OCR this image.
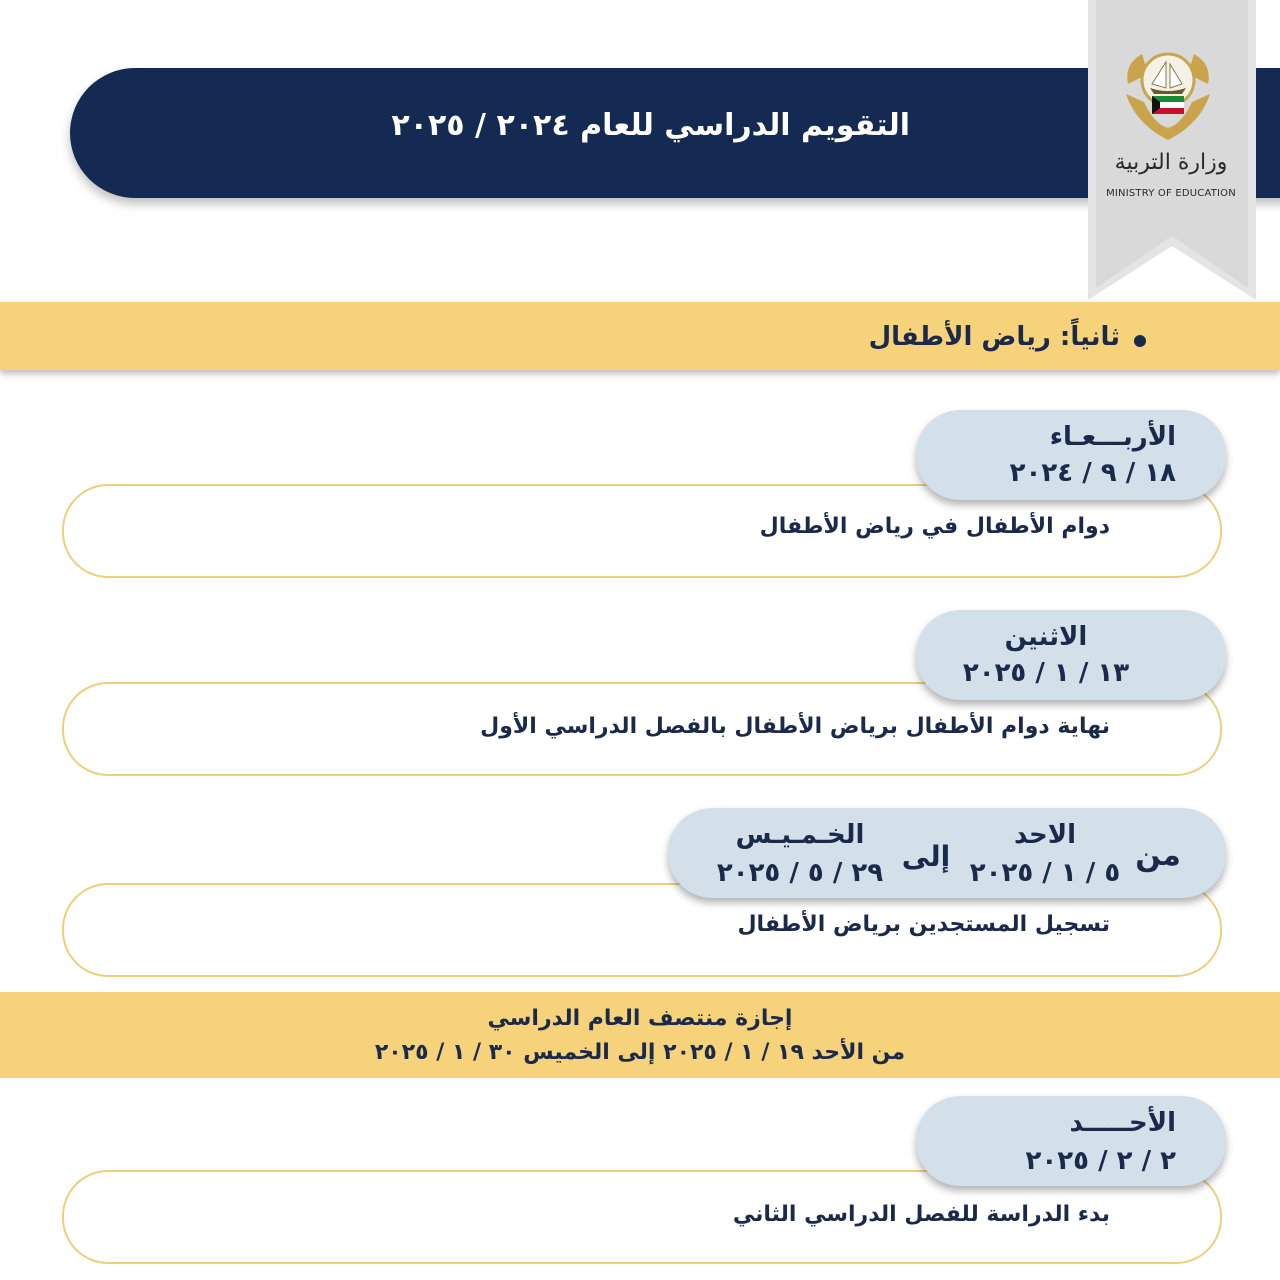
التقويم الدراسي للعام ٢٠٢٤ / ٢٠٢٥
وزارة التربية
MINISTRY OF EDUCATION
ثانياً: رياض الأطفال
دوام الأطفال في رياض الأطفال
الأربـــعـاء
١٨ / ٩ / ٢٠٢٤
نهاية دوام الأطفال برياض الأطفال بالفصل الدراسي الأول
الاثنين
١٣ / ١ / ٢٠٢٥
تسجيل المستجدين برياض الأطفال
من
الاحد
٥ / ١ / ٢٠٢٥
إلى
الخـمـيـس
٢٩ / ٥ / ٢٠٢٥
إجازة منتصف العام الدراسي
من الأحد ١٩ / ١ / ٢٠٢٥ إلى الخميس ٣٠ / ١ / ٢٠٢٥
بدء الدراسة للفصل الدراسي الثاني
الأحـــــد
٢ / ٢ / ٢٠٢٥
